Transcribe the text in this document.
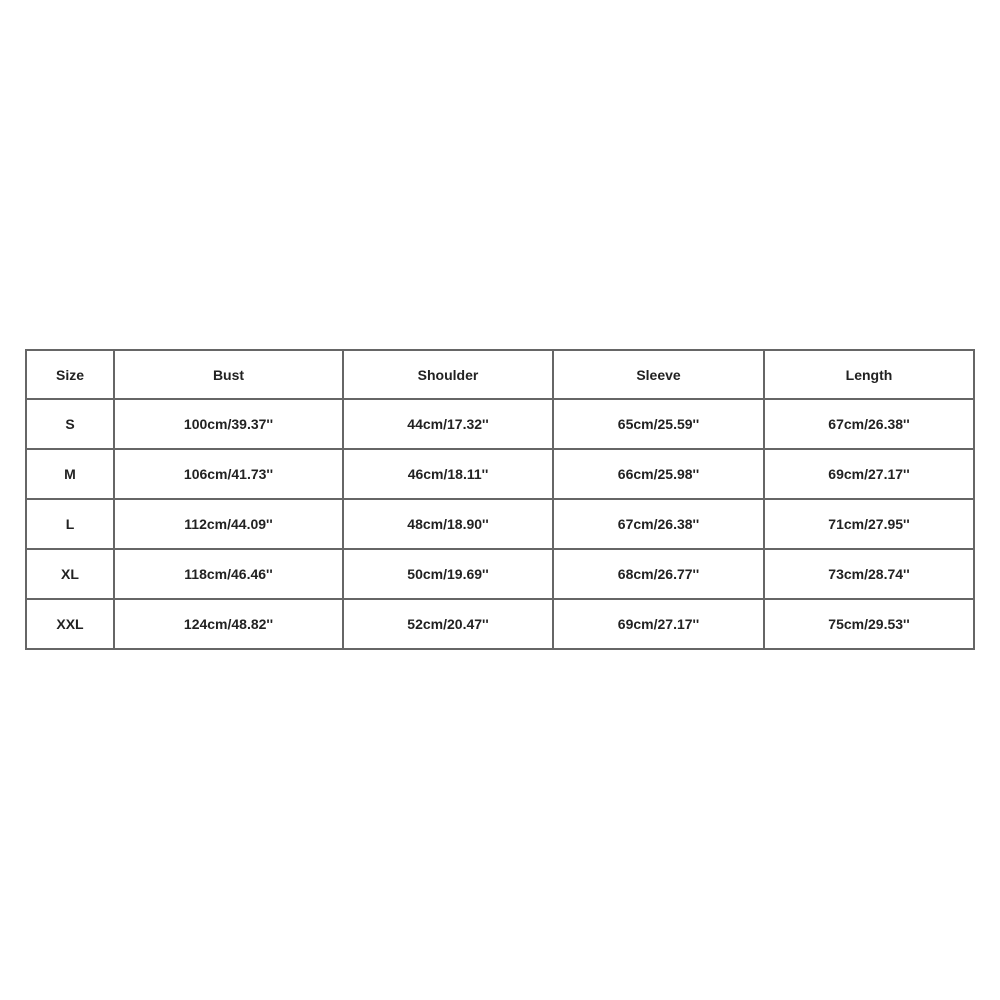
Size	Bust	Shoulder	Sleeve	Length
S	100cm/39.37''	44cm/17.32''	65cm/25.59''	67cm/26.38''
M	106cm/41.73''	46cm/18.11''	66cm/25.98''	69cm/27.17''
L	112cm/44.09''	48cm/18.90''	67cm/26.38''	71cm/27.95''
XL	118cm/46.46''	50cm/19.69''	68cm/26.77''	73cm/28.74''
XXL	124cm/48.82''	52cm/20.47''	69cm/27.17''	75cm/29.53''
